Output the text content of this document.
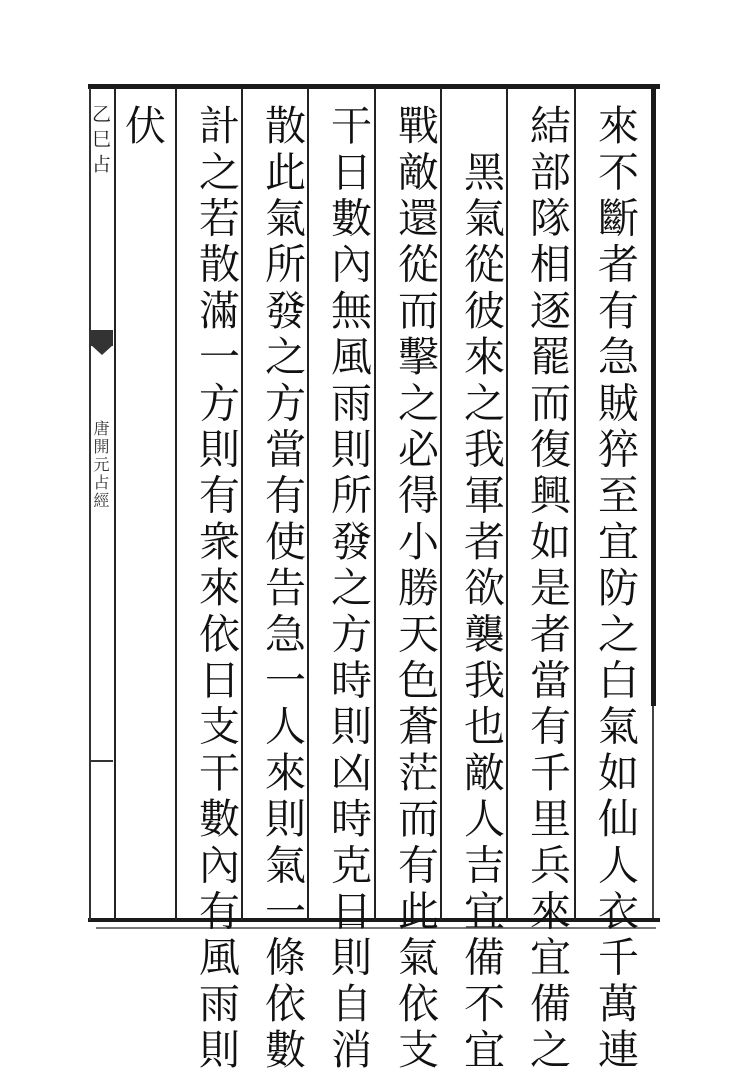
乙巳占
唐開元占經	來不斷者有急賊猝至宜防之白氣如仙人衣千萬連
結部隊相逐罷而復興如是者當有千里兵來宜備之
　黑氣從彼來之我軍者欲襲我也敵人吉宜備不宜
戰敵還從而擊之必得小勝天色蒼茫而有此氣依支
干日數內無風雨則所發之方時則凶時克日則自消
散此氣所發之方當有使告急一人來則氣一條依數
計之若散滿一方則有衆來依日支干數內有風雨則
伏
